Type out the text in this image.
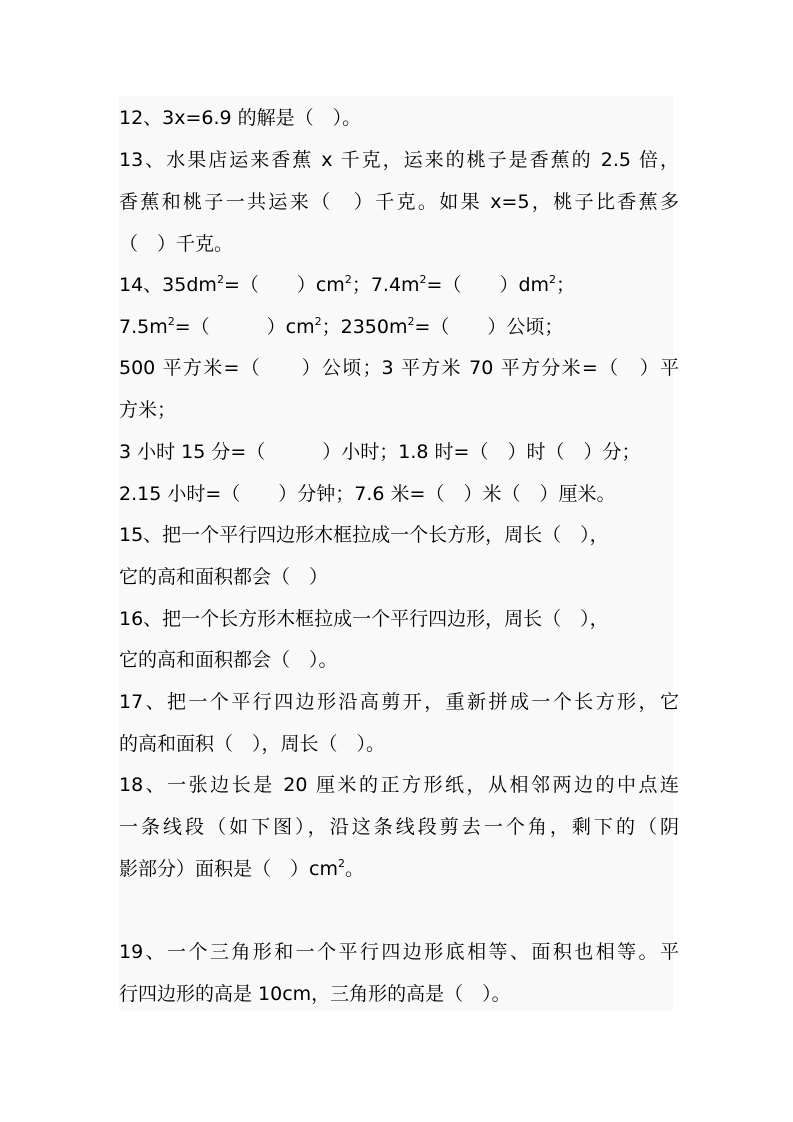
12、3x=6.9 的解是（　）。
13、水果店运来香蕉 x 千克，运来的桃子是香蕉的 2.5 倍，
香蕉和桃子一共运来（　）千克。如果 x=5，桃子比香蕉多
（　）千克。
14、$35dm^2=$（　　）$cm^2$；$7.4m^2=$（　　）$dm^2$；
$7.5m^2=$（　　　）$cm^2$；$2350m^2=$（　　）公顷；
500 平方米=（　　）公顷；3 平方米 70 平方分米=（　）平
方米；
3 小时 15 分=（　　　）小时；1.8 时=（　）时（　）分；
2.15 小时=（　　）分钟；7.6 米=（　）米（　）厘米。
15、把一个平行四边形木框拉成一个长方形，周长（　），
它的高和面积都会（　）
16、把一个长方形木框拉成一个平行四边形，周长（　），
它的高和面积都会（　）。
17、把一个平行四边形沿高剪开，重新拼成一个长方形，它
的高和面积（　），周长（　）。
18、一张边长是 20 厘米的正方形纸，从相邻两边的中点连
一条线段（如下图），沿这条线段剪去一个角，剩下的（阴
影部分）面积是（　）$cm^2$。
19、一个三角形和一个平行四边形底相等、面积也相等。平
行四边形的高是 10cm，三角形的高是（　）。
